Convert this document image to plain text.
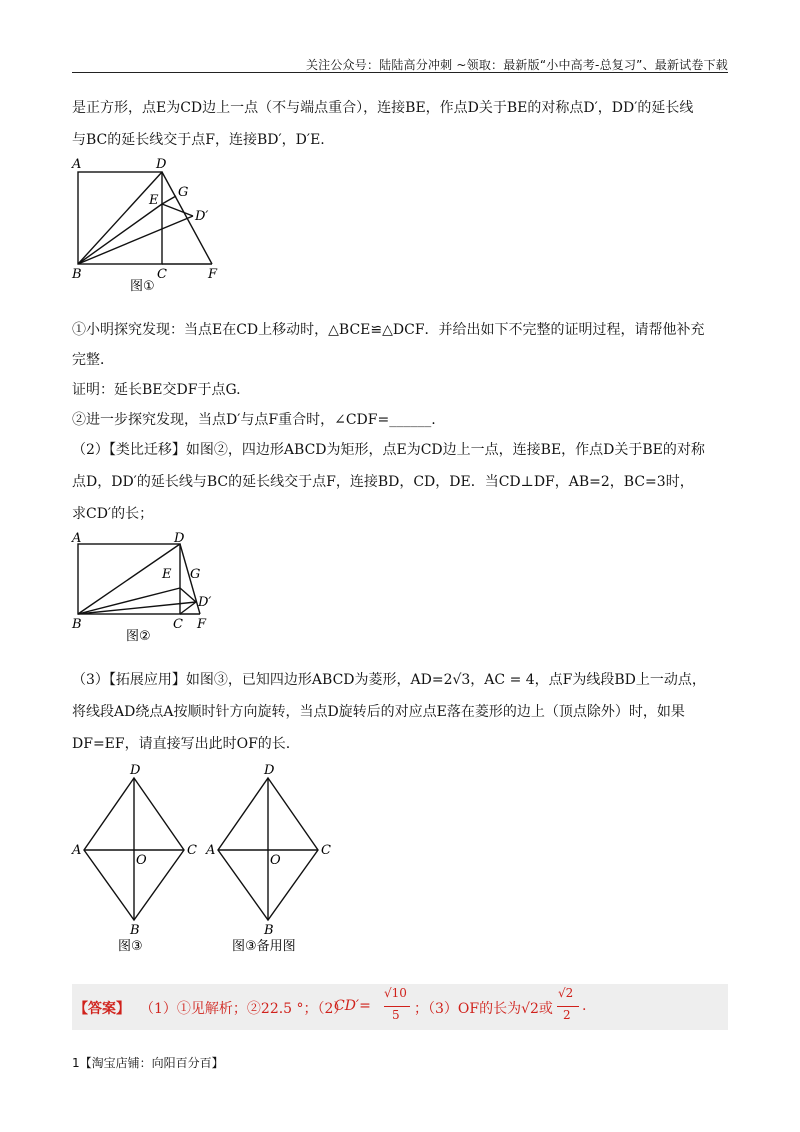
关注公众号：陆陆高分冲刺 ~领取：最新版“小中高考-总复习”、最新试卷下载
是正方形，点E为CD边上一点（不与端点重合），连接BE，作点D关于BE的对称点D′，DD′的延长线
与BC的延长线交于点F，连接BD′，D′E.
A	D
G
E
D′
B	C	F
图①
①小明探究发现：当点E在CD上移动时，△BCE≌△DCF．并给出如下不完整的证明过程，请帮他补充
完整．
证明：延长BE交DF于点G.
②进一步探究发现，当点D′与点F重合时，∠CDF=______.
（2）【类比迁移】如图②，四边形ABCD为矩形，点E为CD边上一点，连接BE，作点D关于BE的对称
点D，DD′的延长线与BC的延长线交于点F，连接BD，CD，DE．当CD⊥DF，AB=2，BC=3时，
求CD′的长；
A	D
E G
D′
B	C F
图②
（3）【拓展应用】如图③，已知四边形ABCD为菱形，AD=2√3，AC = 4，点F为线段BD上一动点，
将线段AD绕点A按顺时针方向旋转，当点D旋转后的对应点E落在菱形的边上（顶点除外）时，如果
DF=EF，请直接写出此时OF的长.
D
A
O
C
B
图③
D
A
O
C
B
图③备用图
【答案】 （1）①见解析；②22.5 °；（2）
CD′=
√10
5 ；（3）OF的长为√2或
√2
2
.
1【淘宝店铺：向阳百分百】
